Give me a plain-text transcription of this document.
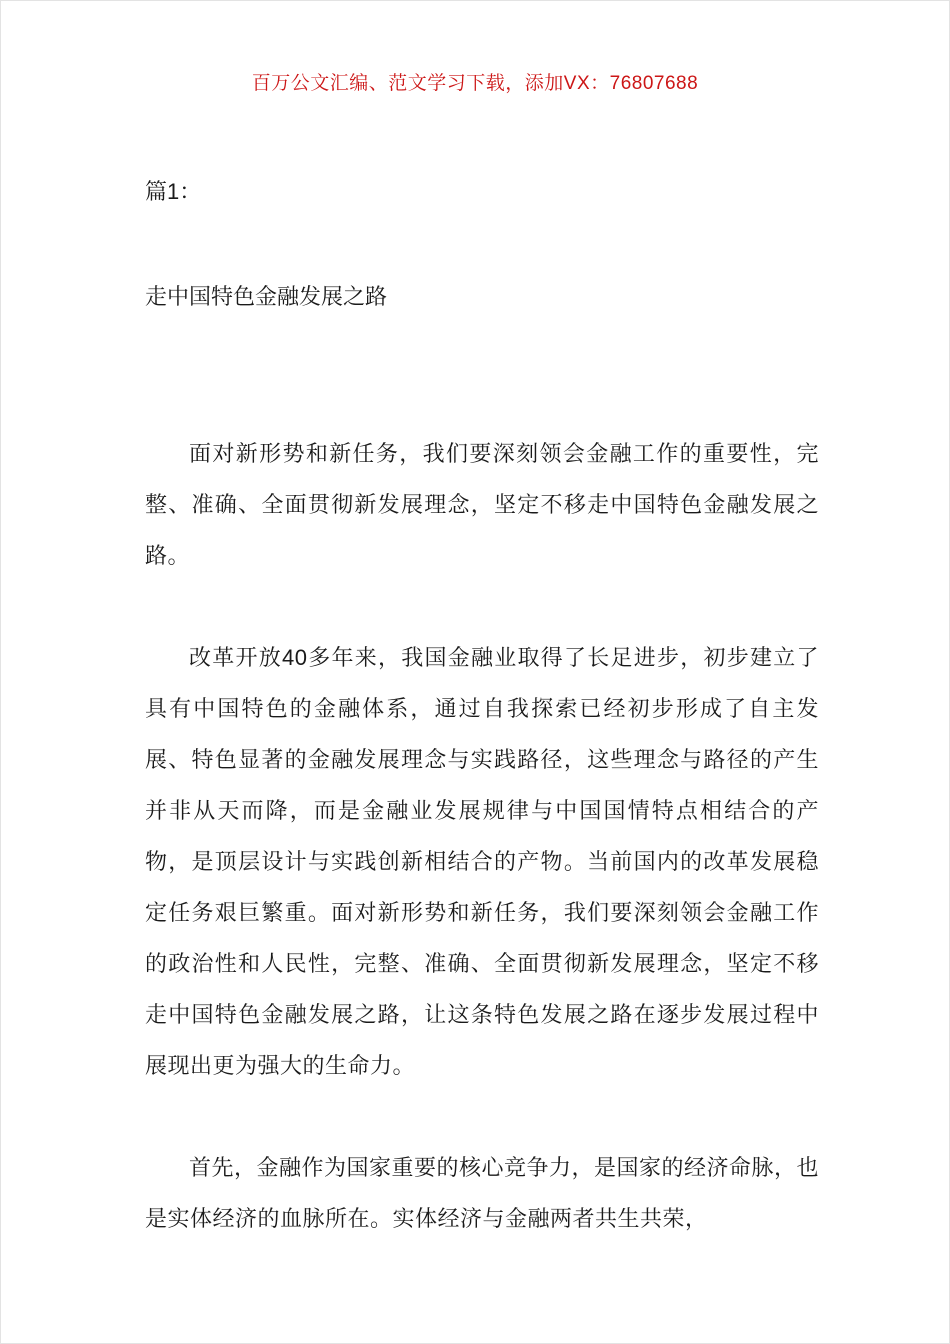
百万公文汇编、范文学习下载，添加VX：76807688

篇1：

走中国特色金融发展之路

面对新形势和新任务，我们要深刻领会金融工作的重要性，完整、准确、全面贯彻新发展理念，坚定不移走中国特色金融发展之路。

改革开放40多年来，我国金融业取得了长足进步，初步建立了具有中国特色的金融体系，通过自我探索已经初步形成了自主发展、特色显著的金融发展理念与实践路径，这些理念与路径的产生并非从天而降，而是金融业发展规律与中国国情特点相结合的产物，是顶层设计与实践创新相结合的产物。当前国内的改革发展稳定任务艰巨繁重。面对新形势和新任务，我们要深刻领会金融工作的政治性和人民性，完整、准确、全面贯彻新发展理念，坚定不移走中国特色金融发展之路，让这条特色发展之路在逐步发展过程中展现出更为强大的生命力。

首先，金融作为国家重要的核心竞争力，是国家的经济命脉，也是实体经济的血脉所在。实体经济与金融两者共生共荣，
